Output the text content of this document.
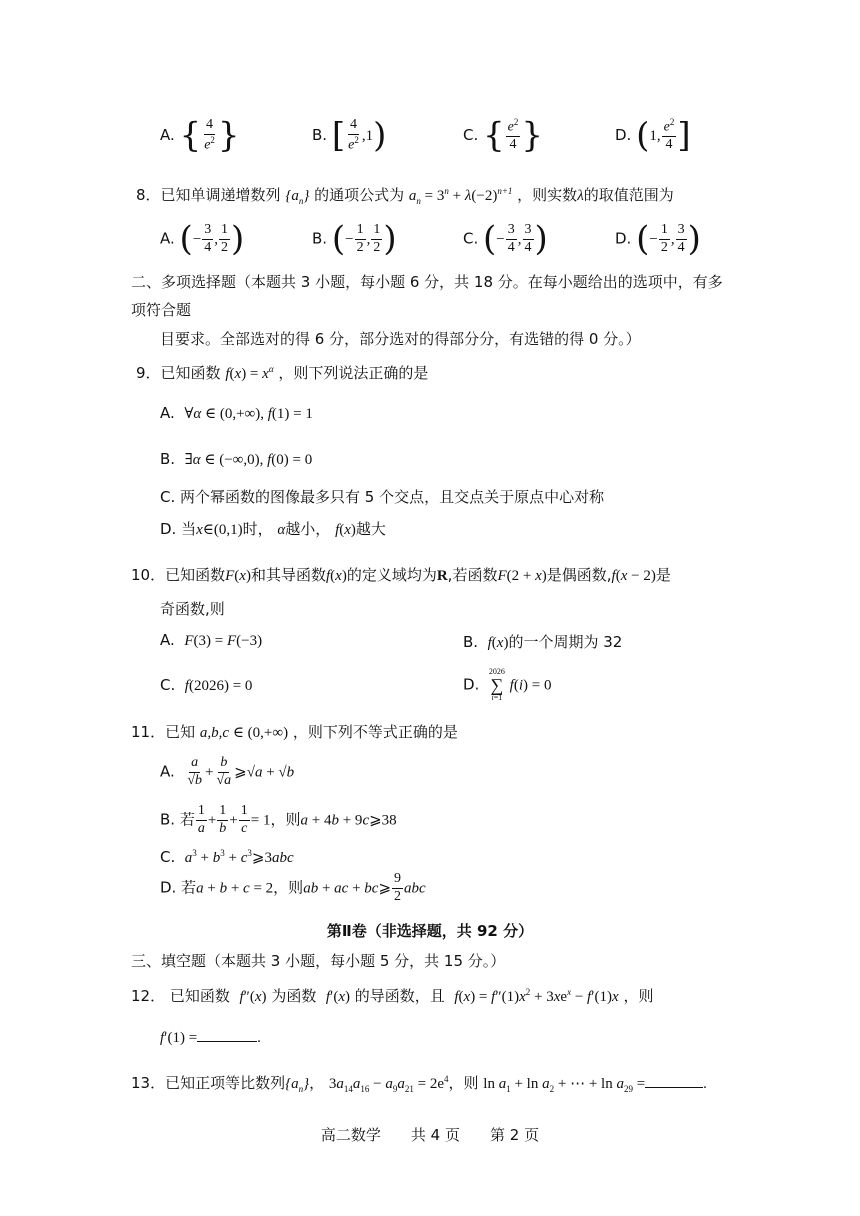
A. { $\frac{4}{e^2}$ }	B. [ $\frac{4}{e^2} ,1$)	C. { $\frac{e^2}{4}$ }	D. (1, $\frac{e^2}{4}$ ]
8．已知单调递增数列 $\{a_n\}$ 的通项公式为 $a_n = 3^n + \lambda(-2)^{n+1}$ ，则实数λ的取值范围为
A. (− $\frac{3}{4}$ , $\frac{1}{2}$ )	B. (− $\frac{1}{2}$ , $\frac{1}{2}$ )	C. (− $\frac{3}{4}$ , $\frac{3}{4}$ )	D. (− $\frac{1}{2}$ , $\frac{3}{4}$ )
二、多项选择题（本题共 3 小题，每小题 6 分，共 18 分。在每小题给出的选项中，有多
项符合题
目要求。全部选对的得 6 分，部分选对的得部分分，有选错的得 0 分。）
9．已知函数 $f(x) = x^\alpha$ ，则下列说法正确的是
A. ∀α ∈ (0,+∞), f(1) = 1
B. ∃α ∈ (−∞,0), f(0) = 0
C. 两个幂函数的图像最多只有 5 个交点，且交点关于原点中心对称
D. 当x∈(0,1)时， α越小， f(x)越大
10．已知函数F(x)和其导函数f(x)的定义域均为R,若函数F(2 + x)是偶函数,f(x − 2)是
奇函数,则
A. F(3) = F(−3)	B. f(x)的一个周期为 32
C. f(2026) = 0	D.
2026
∑
i=1
f(i) = 0
11．已知 a,b,c ∈ (0,+∞) ，则下列不等式正确的是
A. $\frac{a}{√b} + \frac{b}{√a}$ ⩾√a + √b
B. 若 $\frac{1}{a} + \frac{1}{b} + \frac{1}{c} = 1$，则a + 4b + 9c⩾38
C. $a^3 + b^3$ + $c^3⩾3abc$
D. 若a + b + c = 2，则ab + ac + bc⩾ $\frac{9}{2}$ abc
第Ⅱ卷（非选择题，共 92 分）
三、填空题（本题共 3 小题，每小题 5 分，共 15 分。）
12． 已知函数 f″(x) 为函数 f′(x) 的导函数，且 $f(x) = f''(1)x^2 + 3xe^x - f'(1)x$ ，则
f′(1) =	.
13．已知正项等比数列$\{a_n\}$， $3a_{14}a_{16} - a_9a_{21} = 2e^4$，则 $\ln a_1 + \ln a_2$ + ⋯ + $\ln a_{29}$ =	.
高二数学　　共 4 页　　第 2 页
